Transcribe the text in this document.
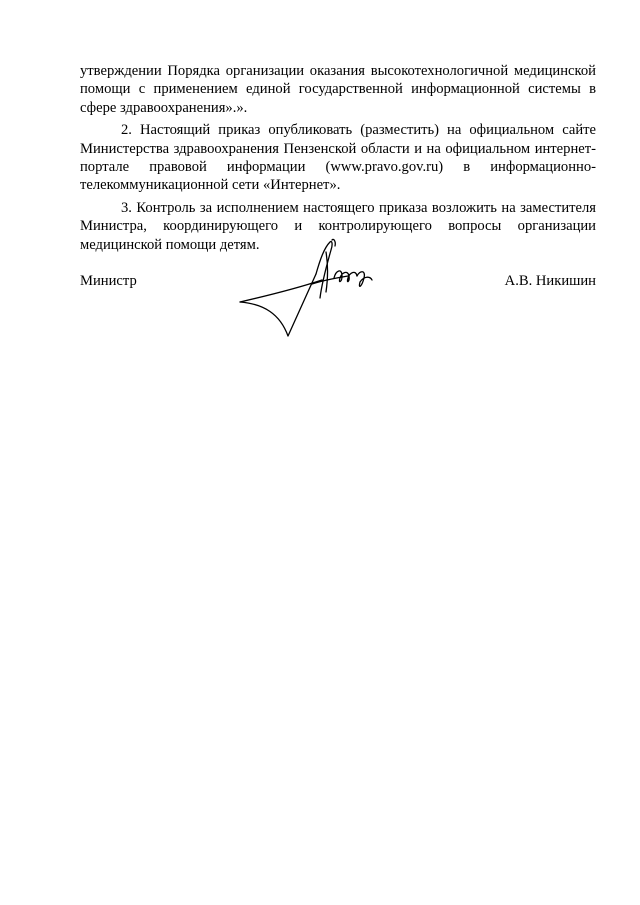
утверждении Порядка организации оказания высокотехнологичной медицинской помощи с применением единой государственной информационной системы в сфере здравоохранения».».

2. Настоящий приказ опубликовать (разместить) на официальном сайте Министерства здравоохранения Пензенской области и на официальном интернет-портале правовой информации (www.pravo.gov.ru) в информационно-телекоммуникационной сети «Интернет».

3. Контроль за исполнением настоящего приказа возложить на заместителя Министра, координирующего и контролирующего вопросы организации медицинской помощи детям.

Министр	А.В. Никишин
